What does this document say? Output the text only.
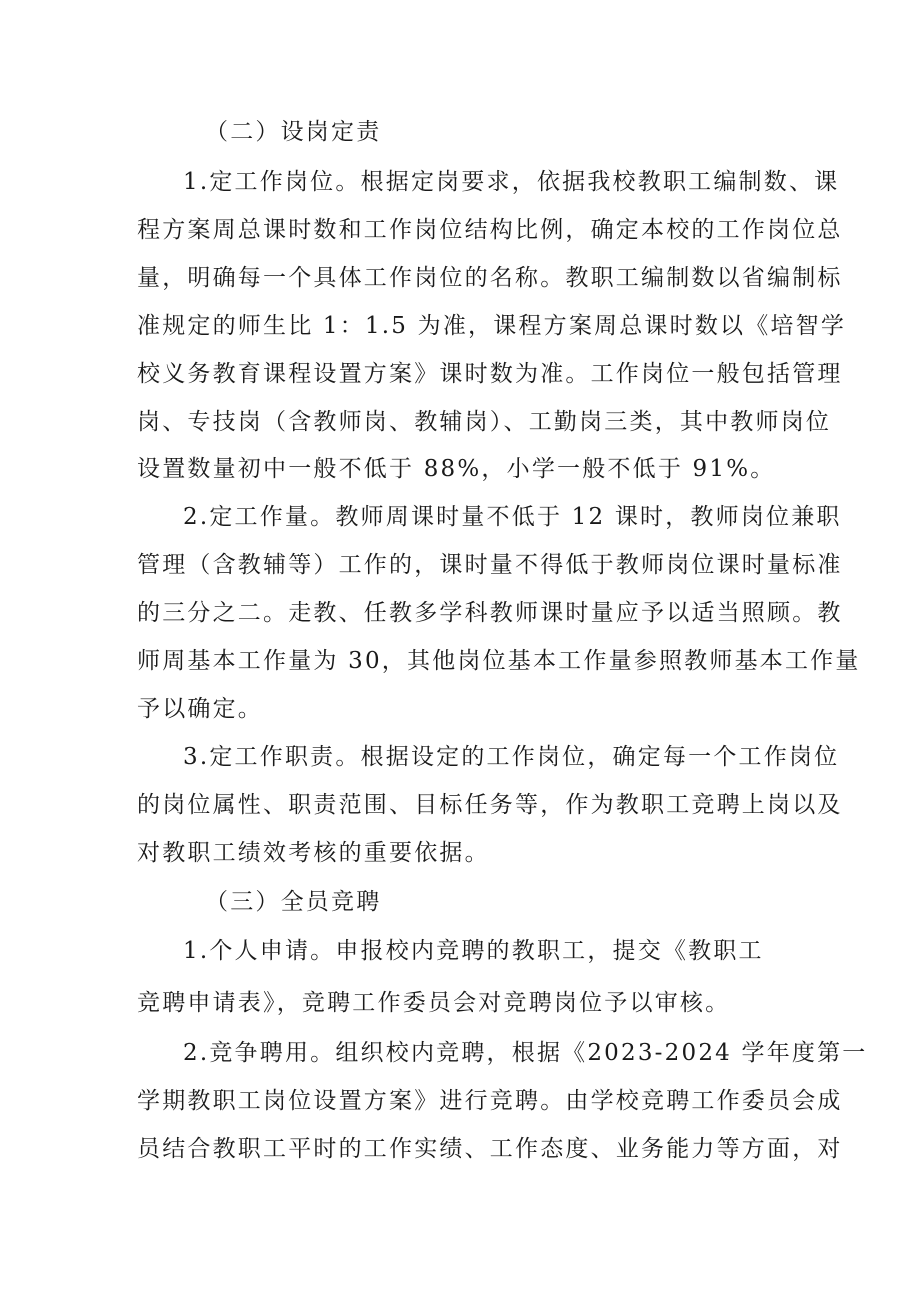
（二）设岗定责
1.定工作岗位。根据定岗要求，依据我校教职工编制数、课
程方案周总课时数和工作岗位结构比例，确定本校的工作岗位总
量，明确每一个具体工作岗位的名称。教职工编制数以省编制标
准规定的师生比 1：1.5 为准，课程方案周总课时数以《培智学
校义务教育课程设置方案》课时数为准。工作岗位一般包括管理
岗、专技岗（含教师岗、教辅岗）、工勤岗三类，其中教师岗位
设置数量初中一般不低于 88%，小学一般不低于 91%。
2.定工作量。教师周课时量不低于 12 课时，教师岗位兼职
管理（含教辅等）工作的，课时量不得低于教师岗位课时量标准
的三分之二。走教、任教多学科教师课时量应予以适当照顾。教
师周基本工作量为 30，其他岗位基本工作量参照教师基本工作量
予以确定。
3.定工作职责。根据设定的工作岗位，确定每一个工作岗位
的岗位属性、职责范围、目标任务等，作为教职工竞聘上岗以及
对教职工绩效考核的重要依据。
（三）全员竞聘
1.个人申请。申报校内竞聘的教职工，提交《教职工
竞聘申请表》，竞聘工作委员会对竞聘岗位予以审核。
2.竞争聘用。组织校内竞聘，根据《2023-2024 学年度第一
学期教职工岗位设置方案》进行竞聘。由学校竞聘工作委员会成
员结合教职工平时的工作实绩、工作态度、业务能力等方面，对
